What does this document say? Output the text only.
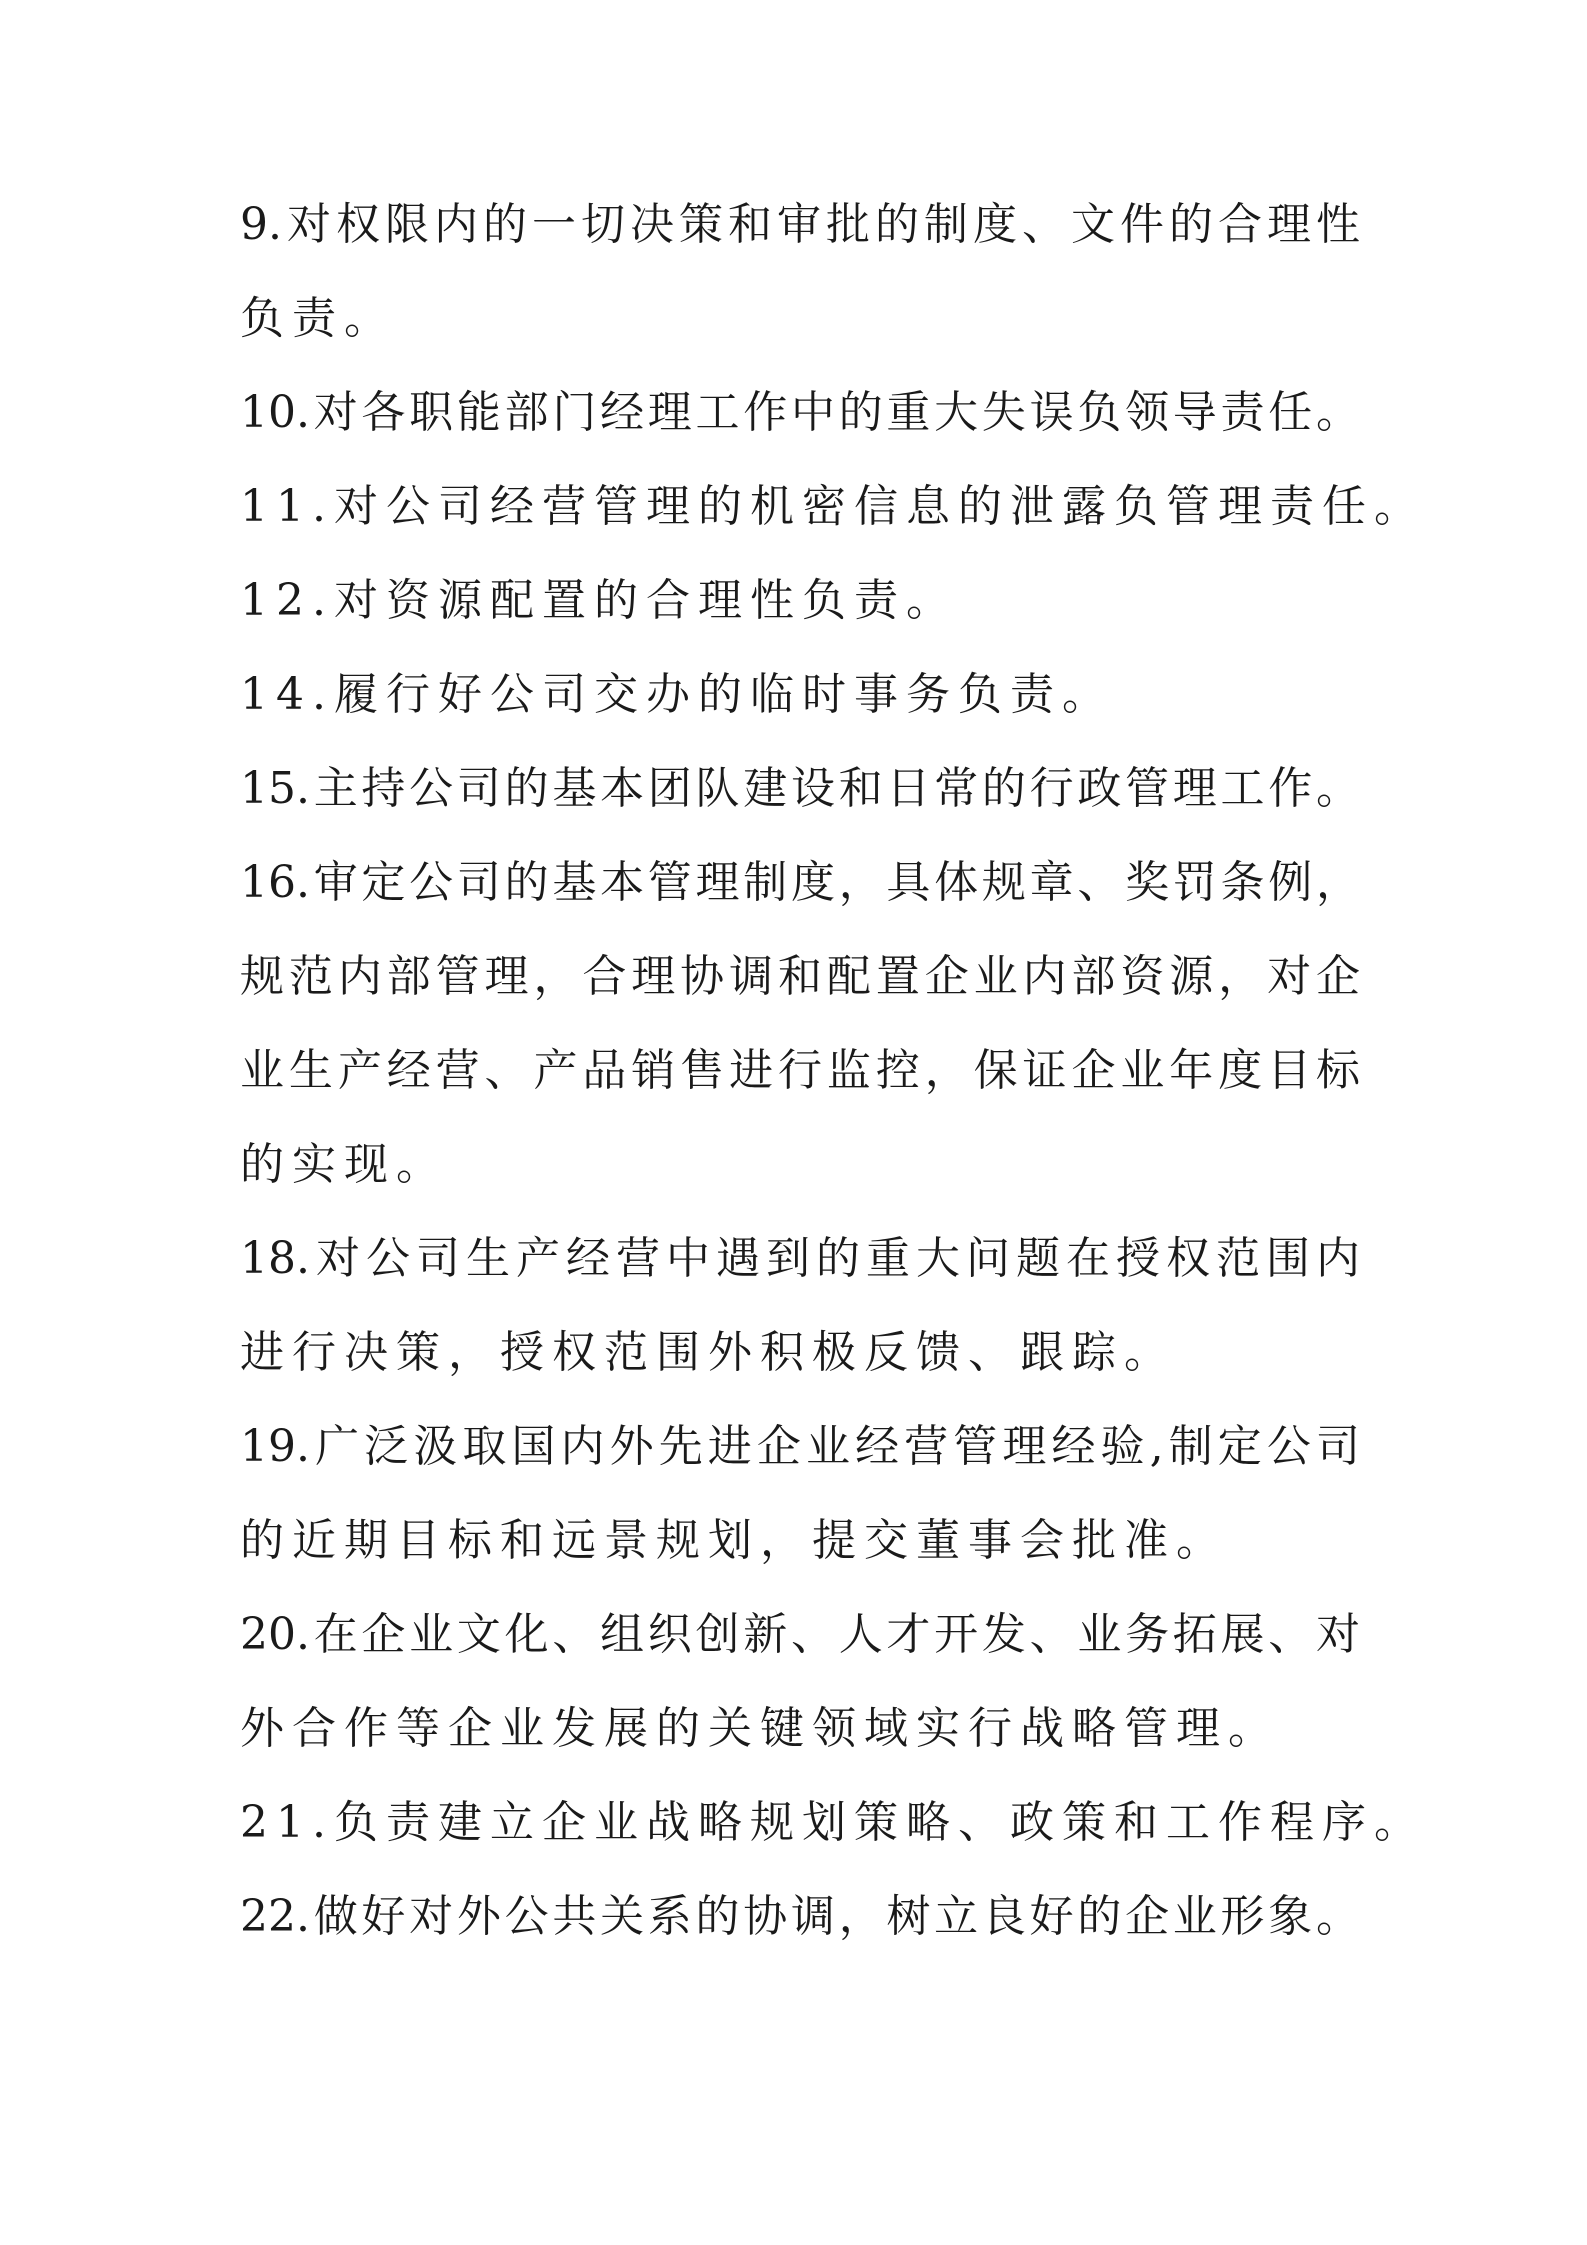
9.对权限内的一切决策和审批的制度、文件的合理性
负责。
10.对各职能部门经理工作中的重大失误负领导责任。
11.对公司经营管理的机密信息的泄露负管理责任。
12.对资源配置的合理性负责。
14.履行好公司交办的临时事务负责。
15.主持公司的基本团队建设和日常的行政管理工作。
16.审定公司的基本管理制度，具体规章、奖罚条例，
规范内部管理，合理协调和配置企业内部资源，对企
业生产经营、产品销售进行监控，保证企业年度目标
的实现。
18.对公司生产经营中遇到的重大问题在授权范围内
进行决策，授权范围外积极反馈、跟踪。
19.广泛汲取国内外先进企业经营管理经验,制定公司
的近期目标和远景规划，提交董事会批准。
20.在企业文化、组织创新、人才开发、业务拓展、对
外合作等企业发展的关键领域实行战略管理。
21.负责建立企业战略规划策略、政策和工作程序。
22.做好对外公共关系的协调，树立良好的企业形象。
